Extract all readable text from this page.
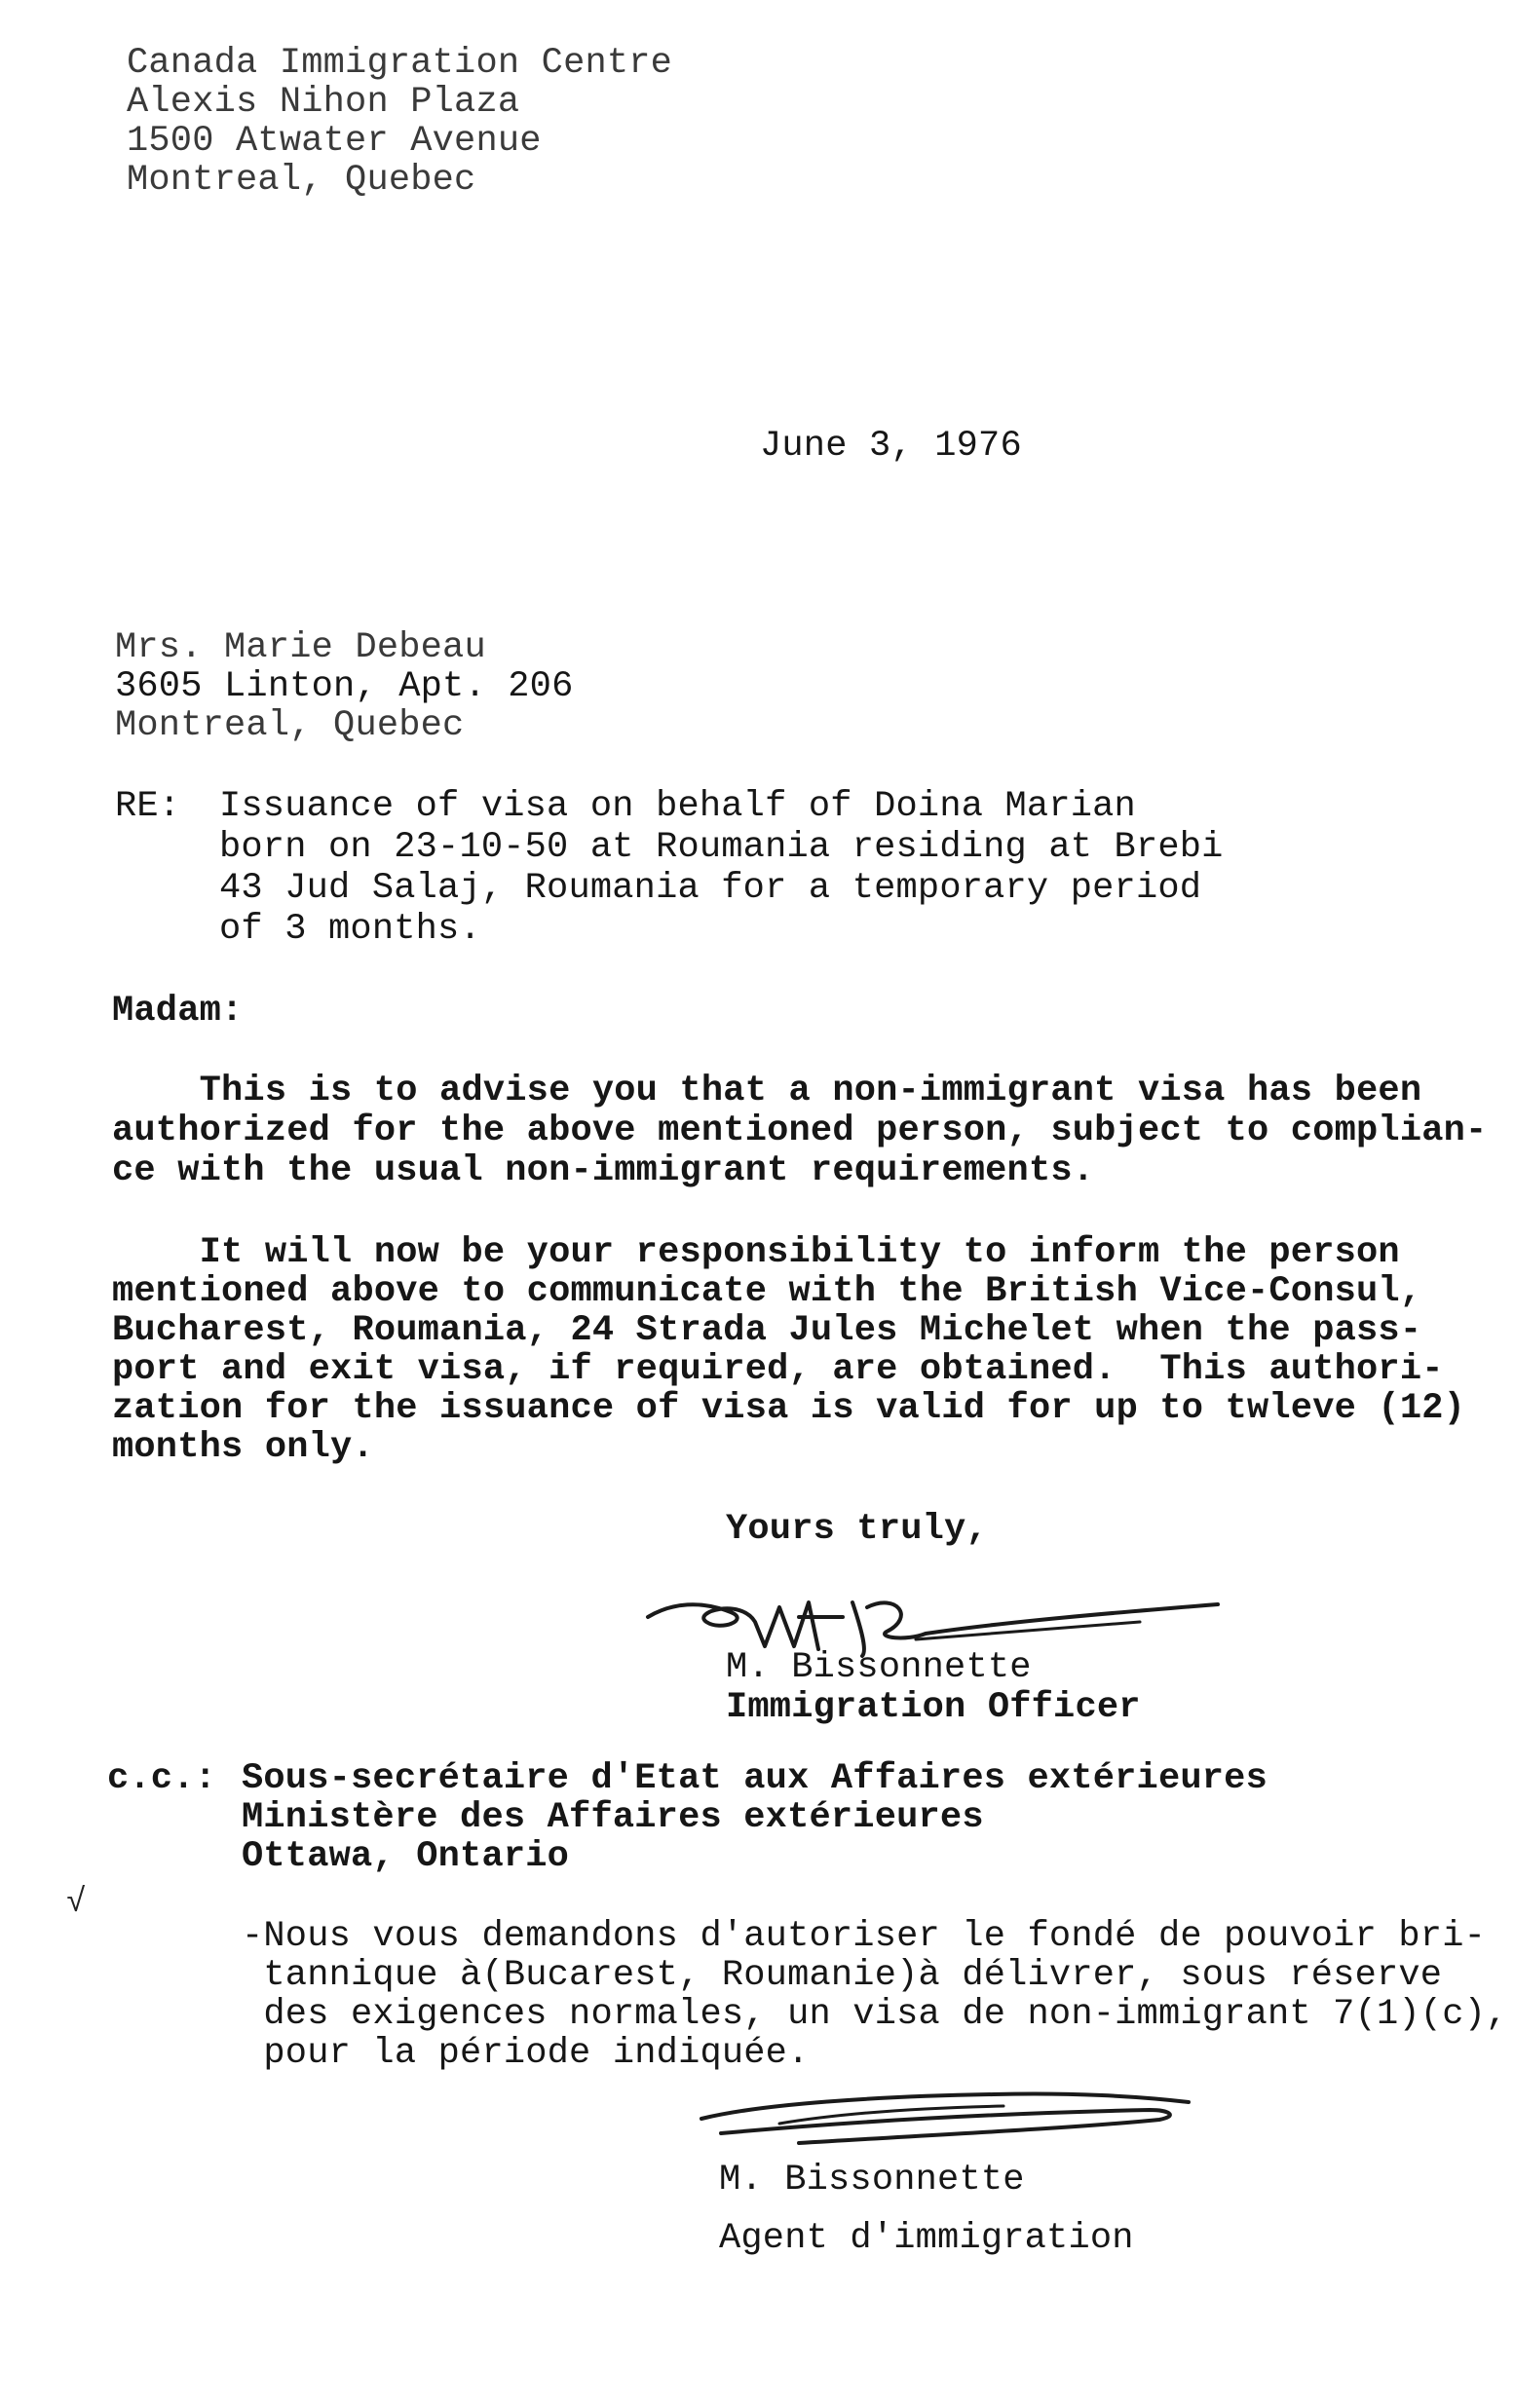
Canada Immigration Centre
Alexis Nihon Plaza
1500 Atwater Avenue
Montreal, Quebec
June 3, 1976
Mrs. Marie Debeau
3605 Linton, Apt. 206
Montreal, Quebec
RE: Issuance of visa on behalf of Doina Marian
born on 23-10-50 at Roumania residing at Brebi
43 Jud Salaj, Roumania for a temporary period
of 3 months.
Madam:
This is to advise you that a non-immigrant visa has been
authorized for the above mentioned person, subject to complian-
ce with the usual non-immigrant requirements.
It will now be your responsibility to inform the person
mentioned above to communicate with the British Vice-Consul,
Bucharest, Roumania, 24 Strada Jules Michelet when the pass-
port and exit visa, if required, are obtained.  This authori-
zation for the issuance of visa is valid for up to twleve (12)
months only.
Yours truly,
M. Bissonnette
Immigration Officer
c.c.: Sous-secrétaire d'Etat aux Affaires extérieures
Ministère des Affaires extérieures
Ottawa, Ontario
√
-Nous vous demandons d'autoriser le fondé de pouvoir bri-
tannique à(Bucarest, Roumanie)à délivrer, sous réserve
des exigences normales, un visa de non-immigrant 7(1)(c),
pour la période indiquée.
M. Bissonnette
Agent d'immigration
